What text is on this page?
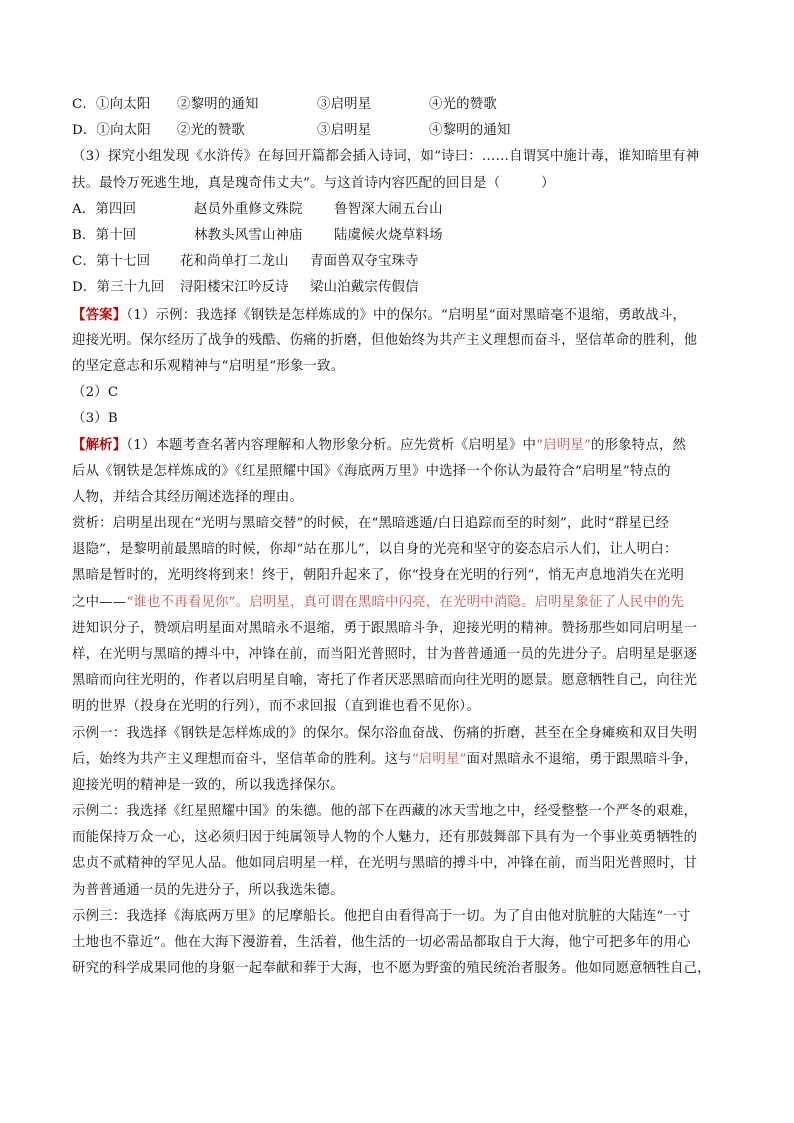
C．①向太阳 ②黎明的通知	③启明星	④光的赞歌
D．①向太阳 ②光的赞歌	③启明星	④黎明的通知
（3）探究小组发现《水浒传》在每回开篇都会插入诗词，如“诗曰：……自谓冥中施计毒，谁知暗里有神
扶。最怜万死逃生地，真是瑰奇伟丈夫”。与这首诗内容匹配的回目是（　　　）
A．第四回	赵员外重修文殊院 鲁智深大闹五台山
B．第十回	林教头风雪山神庙 陆虞候火烧草料场
C．第十七回 花和尚单打二龙山 青面兽双夺宝珠寺
D．第三十九回 浔阳楼宋江吟反诗 梁山泊戴宗传假信
【答案】（1）示例：我选择《钢铁是怎样炼成的》中的保尔。“启明星”面对黑暗毫不退缩，勇敢战斗，
迎接光明。保尔经历了战争的残酷、伤痛的折磨，但他始终为共产主义理想而奋斗，坚信革命的胜利，他
的坚定意志和乐观精神与“启明星”形象一致。
（2）C
（3）B
【解析】（1）本题考查名著内容理解和人物形象分析。应先赏析《启明星》中“启明星”的形象特点，然
后从《钢铁是怎样炼成的》《红星照耀中国》《海底两万里》中选择一个你认为最符合“启明星”特点的
人物，并结合其经历阐述选择的理由。
赏析：启明星出现在“光明与黑暗交替”的时候，在“黑暗逃遁/白日追踪而至的时刻”，此时“群星已经
退隐”，是黎明前最黑暗的时候，你却“站在那儿”，以自身的光亮和坚守的姿态启示人们，让人明白：
黑暗是暂时的，光明终将到来！终于，朝阳升起来了，你“投身在光明的行列”，悄无声息地消失在光明
之中——“谁也不再看见你”。启明星，真可谓在黑暗中闪亮，在光明中消隐。启明星象征了人民中的先
进知识分子，赞颂启明星面对黑暗永不退缩，勇于跟黑暗斗争，迎接光明的精神。赞扬那些如同启明星一
样，在光明与黑暗的搏斗中，冲锋在前，而当阳光普照时，甘为普普通通一员的先进分子。启明星是驱逐
黑暗而向往光明的，作者以启明星自喻，寄托了作者厌恶黑暗而向往光明的愿景。愿意牺牲自己，向往光
明的世界（投身在光明的行列），而不求回报（直到谁也看不见你）。
示例一：我选择《钢铁是怎样炼成的》的保尔。保尔浴血奋战、伤痛的折磨，甚至在全身瘫痪和双目失明
后，始终为共产主义理想而奋斗，坚信革命的胜利。这与“启明星”面对黑暗永不退缩，勇于跟黑暗斗争，
迎接光明的精神是一致的，所以我选择保尔。
示例二：我选择《红星照耀中国》的朱德。他的部下在西藏的冰天雪地之中，经受整整一个严冬的艰难，
而能保持万众一心，这必须归因于纯属领导人物的个人魅力，还有那鼓舞部下具有为一个事业英勇牺牲的
忠贞不贰精神的罕见人品。他如同启明星一样，在光明与黑暗的搏斗中，冲锋在前，而当阳光普照时，甘
为普普通通一员的先进分子，所以我选朱德。
示例三：我选择《海底两万里》的尼摩船长。他把自由看得高于一切。为了自由他对肮脏的大陆连“一寸
土地也不靠近”。他在大海下漫游着，生活着，他生活的一切必需品都取自于大海，他宁可把多年的用心
研究的科学成果同他的身躯一起奉献和葬于大海，也不愿为野蛮的殖民统治者服务。他如同愿意牺牲自己，
